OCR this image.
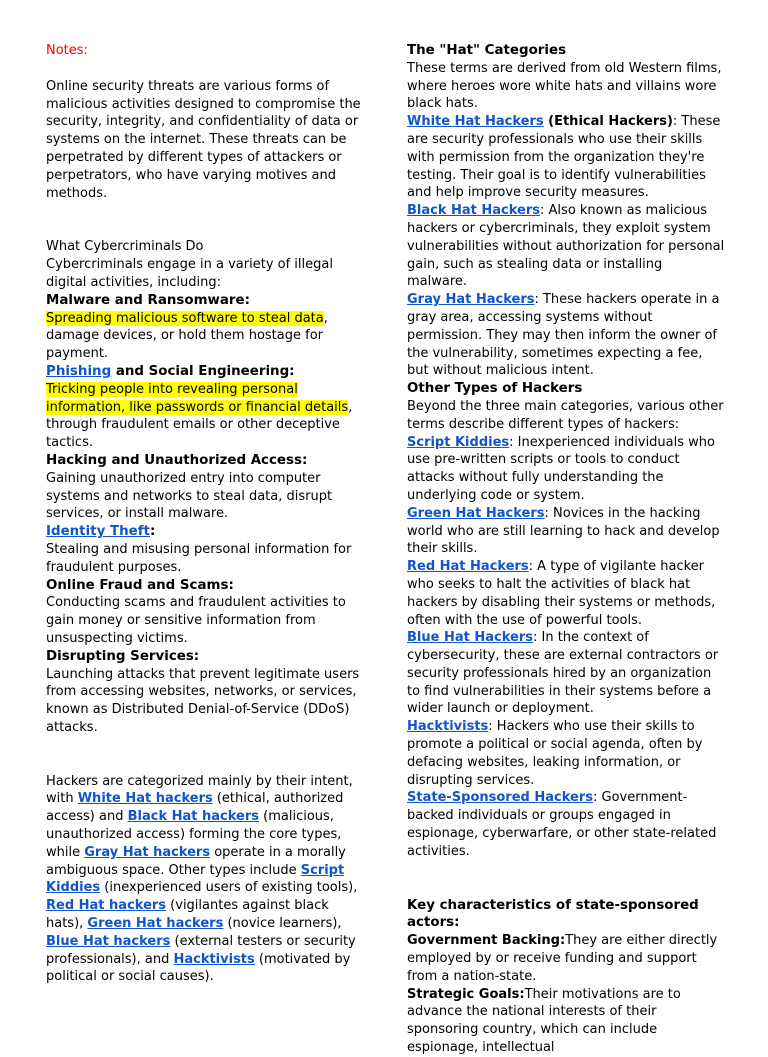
Notes:

Online security threats are various forms of malicious activities designed to compromise the security, integrity, and confidentiality of data or systems on the internet. These threats can be perpetrated by different types of attackers or perpetrators, who have varying motives and methods.

What Cybercriminals Do

Cybercriminals engage in a variety of illegal digital activities, including:

Malware and Ransomware:

Spreading malicious software to steal data, damage devices, or hold them hostage for payment.

Phishing and Social Engineering:

Tricking people into revealing personal information, like passwords or financial details, through fraudulent emails or other deceptive tactics.

Hacking and Unauthorized Access:

Gaining unauthorized entry into computer systems and networks to steal data, disrupt services, or install malware.

Identity Theft:

Stealing and misusing personal information for fraudulent purposes.

Online Fraud and Scams:

Conducting scams and fraudulent activities to gain money or sensitive information from unsuspecting victims.

Disrupting Services:

Launching attacks that prevent legitimate users from accessing websites, networks, or services, known as Distributed Denial-of-Service (DDoS) attacks.

Hackers are categorized mainly by their intent, with White Hat hackers (ethical, authorized access) and Black Hat hackers (malicious, unauthorized access) forming the core types, while Gray Hat hackers operate in a morally ambiguous space. Other types include Script Kiddies (inexperienced users of existing tools), Red Hat hackers (vigilantes against black hats), Green Hat hackers (novice learners), Blue Hat hackers (external testers or security professionals), and Hacktivists (motivated by political or social causes).

The "Hat" Categories

These terms are derived from old Western films, where heroes wore white hats and villains wore black hats.

White Hat Hackers (Ethical Hackers): These are security professionals who use their skills with permission from the organization they're testing. Their goal is to identify vulnerabilities and help improve security measures.

Black Hat Hackers: Also known as malicious hackers or cybercriminals, they exploit system vulnerabilities without authorization for personal gain, such as stealing data or installing malware.

Gray Hat Hackers: These hackers operate in a gray area, accessing systems without permission. They may then inform the owner of the vulnerability, sometimes expecting a fee, but without malicious intent.

Other Types of Hackers

Beyond the three main categories, various other terms describe different types of hackers:

Script Kiddies: Inexperienced individuals who use pre-written scripts or tools to conduct attacks without fully understanding the underlying code or system.

Green Hat Hackers: Novices in the hacking world who are still learning to hack and develop their skills.

Red Hat Hackers: A type of vigilante hacker who seeks to halt the activities of black hat hackers by disabling their systems or methods, often with the use of powerful tools.

Blue Hat Hackers: In the context of cybersecurity, these are external contractors or security professionals hired by an organization to find vulnerabilities in their systems before a wider launch or deployment.

Hacktivists: Hackers who use their skills to promote a political or social agenda, often by defacing websites, leaking information, or disrupting services.

State-Sponsored Hackers: Government-backed individuals or groups engaged in espionage, cyberwarfare, or other state-related activities.

Key characteristics of state-sponsored actors:

Government Backing:They are either directly employed by or receive funding and support from a nation-state.

Strategic Goals:Their motivations are to advance the national interests of their sponsoring country, which can include espionage, intellectual
